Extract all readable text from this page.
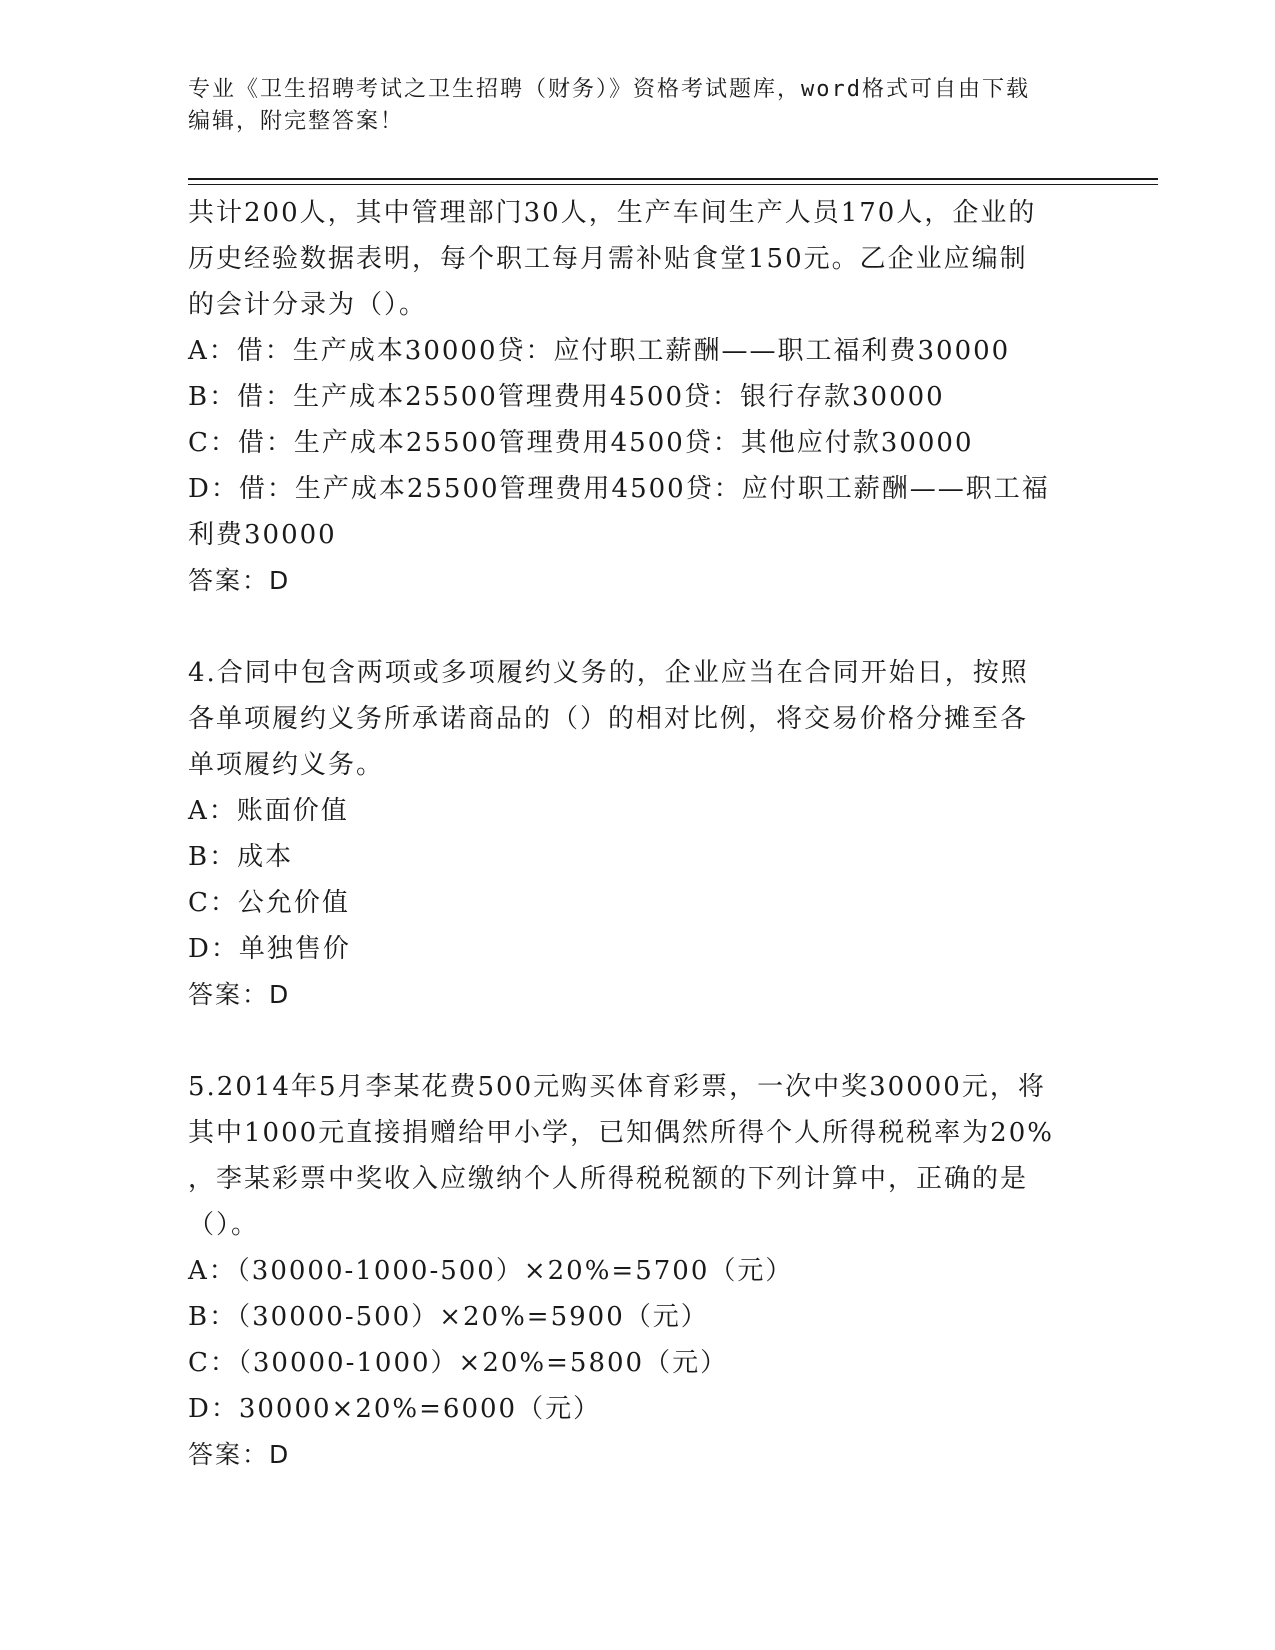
专业《卫生招聘考试之卫生招聘（财务）》资格考试题库，word格式可自由下载
编辑，附完整答案！
共计200人，其中管理部门30人，生产车间生产人员170人，企业的
历史经验数据表明，每个职工每月需补贴食堂150元。乙企业应编制
的会计分录为（）。
A：借：生产成本30000贷：应付职工薪酬——职工福利费30000
B：借：生产成本25500管理费用4500贷：银行存款30000
C：借：生产成本25500管理费用4500贷：其他应付款30000
D：借：生产成本25500管理费用4500贷：应付职工薪酬——职工福
利费30000
答案：D
4.合同中包含两项或多项履约义务的，企业应当在合同开始日，按照
各单项履约义务所承诺商品的（）的相对比例，将交易价格分摊至各
单项履约义务。
A：账面价值
B：成本
C：公允价值
D：单独售价
答案：D
5.2014年5月李某花费500元购买体育彩票，一次中奖30000元，将
其中1000元直接捐赠给甲小学，已知偶然所得个人所得税税率为20%
，李某彩票中奖收入应缴纳个人所得税税额的下列计算中，正确的是
（）。
A：（30000-1000-500）×20%=5700（元）
B：（30000-500）×20%=5900（元）
C：（30000-1000）×20%=5800（元）
D：30000×20%=6000（元）
答案：D
